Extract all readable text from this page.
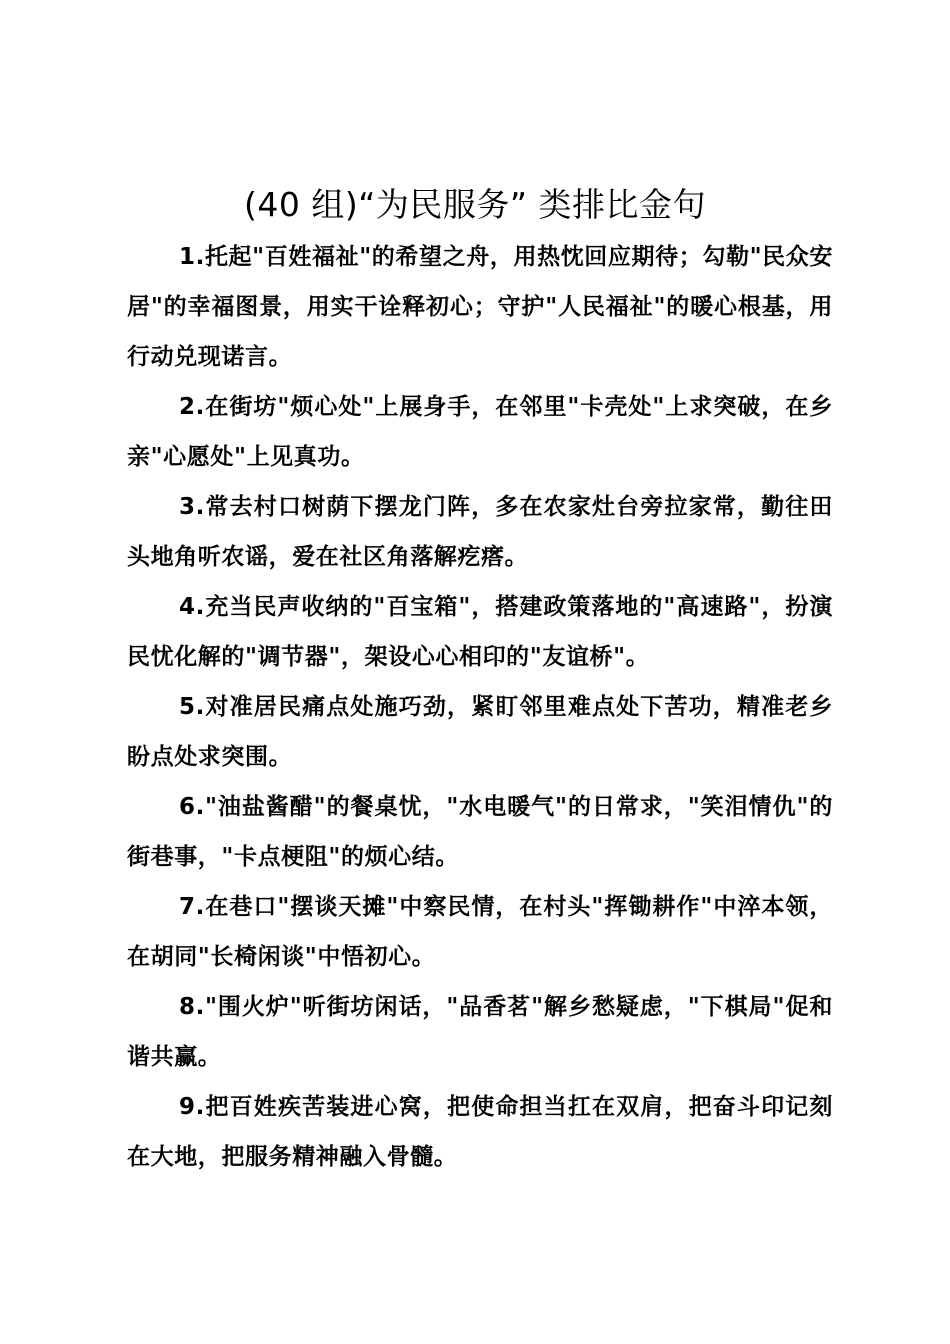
(40 组)“为民服务” 类排比金句

1.托起"百姓福祉"的希望之舟，用热忱回应期待；勾勒"民众安居"的幸福图景，用实干诠释初心；守护"人民福祉"的暖心根基，用行动兑现诺言。

2.在街坊"烦心处"上展身手，在邻里"卡壳处"上求突破，在乡亲"心愿处"上见真功。

3.常去村口树荫下摆龙门阵，多在农家灶台旁拉家常，勤往田头地角听农谣，爱在社区角落解疙瘩。

4.充当民声收纳的"百宝箱"，搭建政策落地的"高速路"，扮演民忧化解的"调节器"，架设心心相印的"友谊桥"。

5.对准居民痛点处施巧劲，紧盯邻里难点处下苦功，精准老乡盼点处求突围。

6."油盐酱醋"的餐桌忧，"水电暖气"的日常求，"笑泪情仇"的街巷事，"卡点梗阻"的烦心结。

7.在巷口"摆谈天摊"中察民情，在村头"挥锄耕作"中淬本领，在胡同"长椅闲谈"中悟初心。

8."围火炉"听街坊闲话，"品香茗"解乡愁疑虑，"下棋局"促和谐共赢。

9.把百姓疾苦装进心窝，把使命担当扛在双肩，把奋斗印记刻在大地，把服务精神融入骨髓。
